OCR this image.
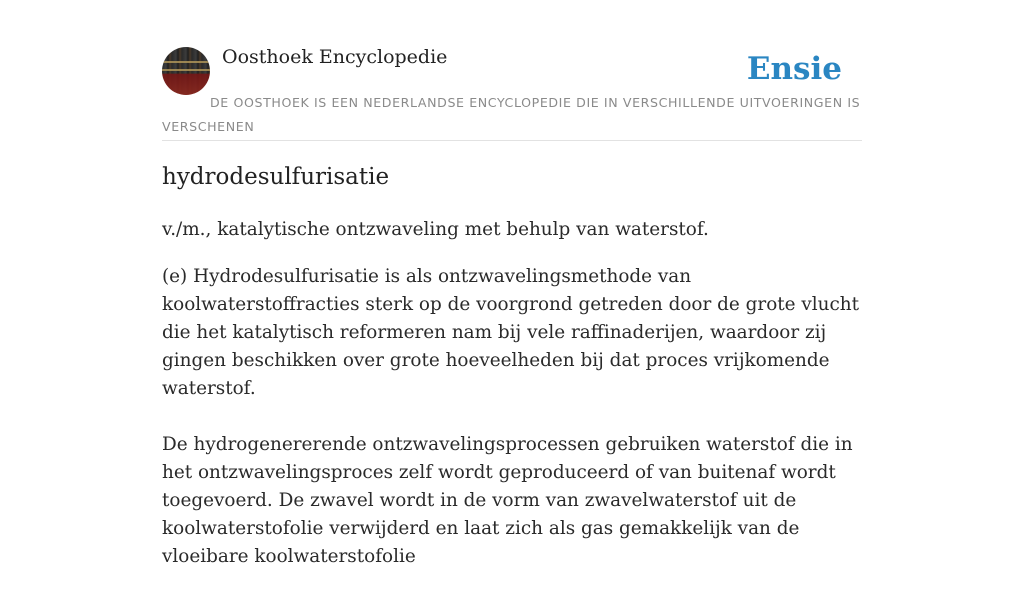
Oosthoek Encyclopedie	Ensie
DE OOSTHOEK IS EEN NEDERLANDSE ENCYCLOPEDIE DIE IN VERSCHILLENDE UITVOERINGEN IS VERSCHENEN
hydrodesulfurisatie

v./m., katalytische ontzwaveling met behulp van waterstof.

(e) Hydrodesulfurisatie is als ontzwavelingsmethode van koolwaterstoffracties sterk op de voorgrond getreden door de grote vlucht die het katalytisch reformeren nam bij vele raffinaderijen, waardoor zij gingen beschikken over grote hoeveelheden bij dat proces vrijkomende waterstof.

De hydrogenererende ontzwavelingsprocessen gebruiken waterstof die in het ontzwavelingsproces zelf wordt geproduceerd of van buitenaf wordt toegevoerd. De zwavel wordt in de vorm van zwavelwaterstof uit de koolwaterstofolie verwijderd en laat zich als gas gemakkelijk van de vloeibare koolwaterstofolie
